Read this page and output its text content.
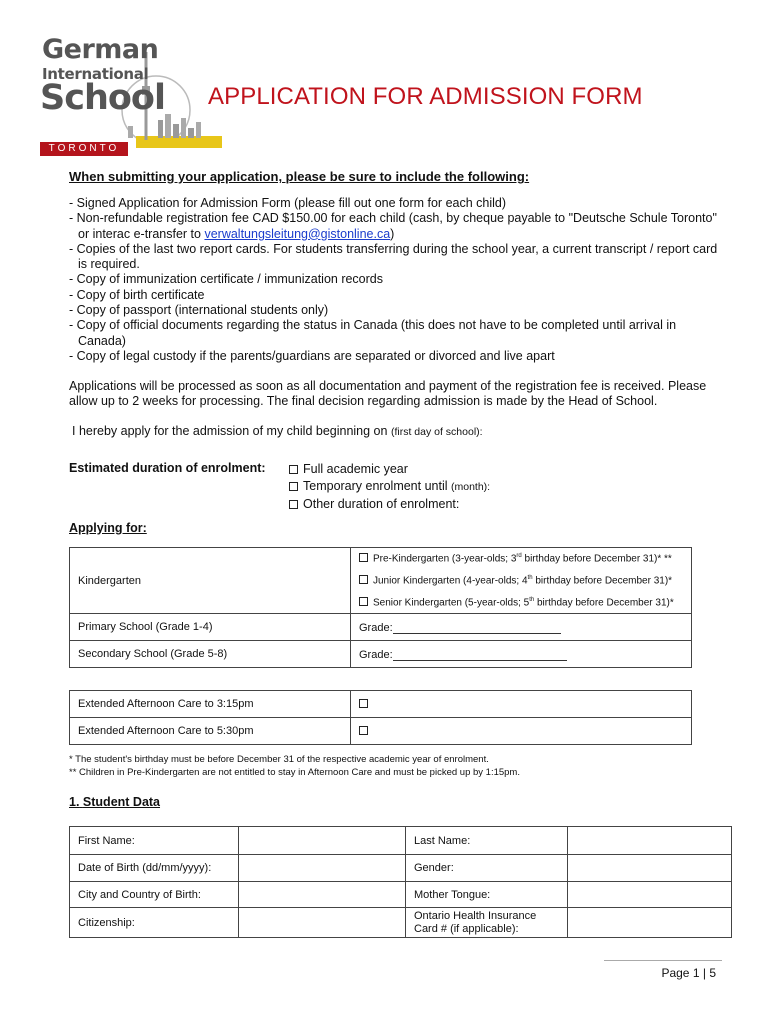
German
International
School
TORONTO
APPLICATION FOR ADMISSION FORM
When submitting your application, please be sure to include the following:
- Signed Application for Admission Form (please fill out one form for each child)
- Non-refundable registration fee CAD $150.00 for each child (cash, by cheque payable to "Deutsche Schule Toronto"
or interac e-transfer to verwaltungsleitung@gistonline.ca)
- Copies of the last two report cards. For students transferring during the school year, a current transcript / report card is required.
- Copy of immunization certificate / immunization records
- Copy of birth certificate
- Copy of passport (international students only)
- Copy of official documents regarding the status in Canada (this does not have to be completed until arrival in Canada)
- Copy of legal custody if the parents/guardians are separated or divorced and live apart
Applications will be processed as soon as all documentation and payment of the registration fee is received. Please allow up to 2 weeks for processing. The final decision regarding admission is made by the Head of School.
I hereby apply for the admission of my child beginning on (first day of school):
Estimated duration of enrolment:	Full academic year
Temporary enrolment until (month):
Other duration of enrolment:
Applying for:
Kindergarten	Pre-Kindergarten (3-year-olds; 3rd birthday before December 31)* **
	Junior Kindergarten (4-year-olds; 4th birthday before December 31)*
	Senior Kindergarten (5-year-olds; 5th birthday before December 31)*
Primary School (Grade 1-4)	Grade:
Secondary School (Grade 5-8)	Grade:
Extended Afternoon Care to 3:15pm	
Extended Afternoon Care to 5:30pm	
* The student's birthday must be before December 31 of the respective academic year of enrolment.
** Children in Pre-Kindergarten are not entitled to stay in Afternoon Care and must be picked up by 1:15pm.
1. Student Data
First Name:		Last Name:	
Date of Birth (dd/mm/yyyy):		Gender:	
City and Country of Birth:		Mother Tongue:	
Citizenship:		Ontario Health Insurance Card # (if applicable):	
Page 1 | 5
